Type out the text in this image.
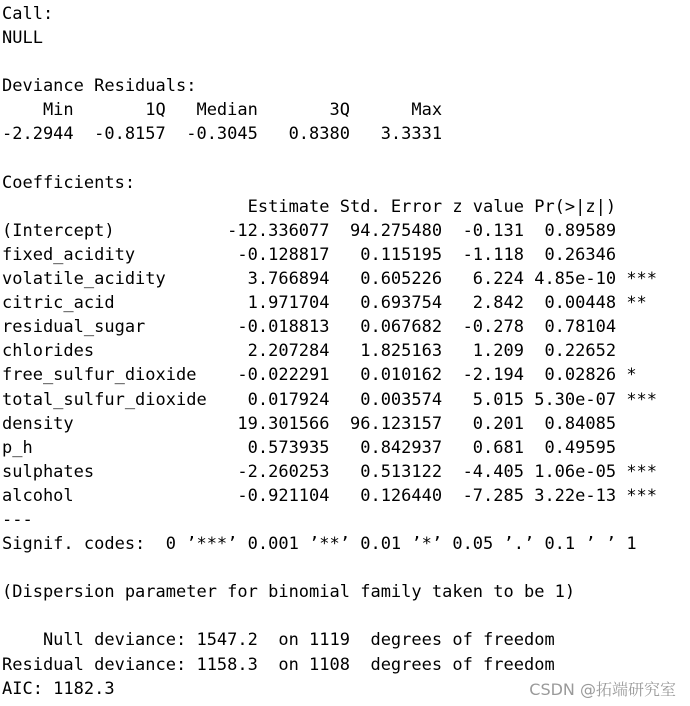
Call:
NULL

Deviance Residuals:
Min       1Q   Median       3Q      Max
-2.2944  -0.8157  -0.3045   0.8380   3.3331

Coefficients:
Estimate Std. Error z value Pr(>|z|)
(Intercept)           -12.336077  94.275480  -0.131  0.89589
fixed_acidity          -0.128817   0.115195  -1.118  0.26346
volatile_acidity        3.766894   0.605226   6.224 4.85e-10 ***
citric_acid             1.971704   0.693754   2.842  0.00448 **
residual_sugar         -0.018813   0.067682  -0.278  0.78104
chlorides               2.207284   1.825163   1.209  0.22652
free_sulfur_dioxide    -0.022291   0.010162  -2.194  0.02826 *
total_sulfur_dioxide    0.017924   0.003574   5.015 5.30e-07 ***
density                19.301566  96.123157   0.201  0.84085
p_h                     0.573935   0.842937   0.681  0.49595
sulphates              -2.260253   0.513122  -4.405 1.06e-05 ***
alcohol                -0.921104   0.126440  -7.285 3.22e-13 ***
---
Signif. codes:  0 ’***’ 0.001 ’**’ 0.01 ’*’ 0.05 ’.’ 0.1 ’ ’ 1

(Dispersion parameter for binomial family taken to be 1)

Null deviance: 1547.2  on 1119  degrees of freedom
Residual deviance: 1158.3  on 1108  degrees of freedom
AIC: 1182.3	CSDN @拓端研究室
